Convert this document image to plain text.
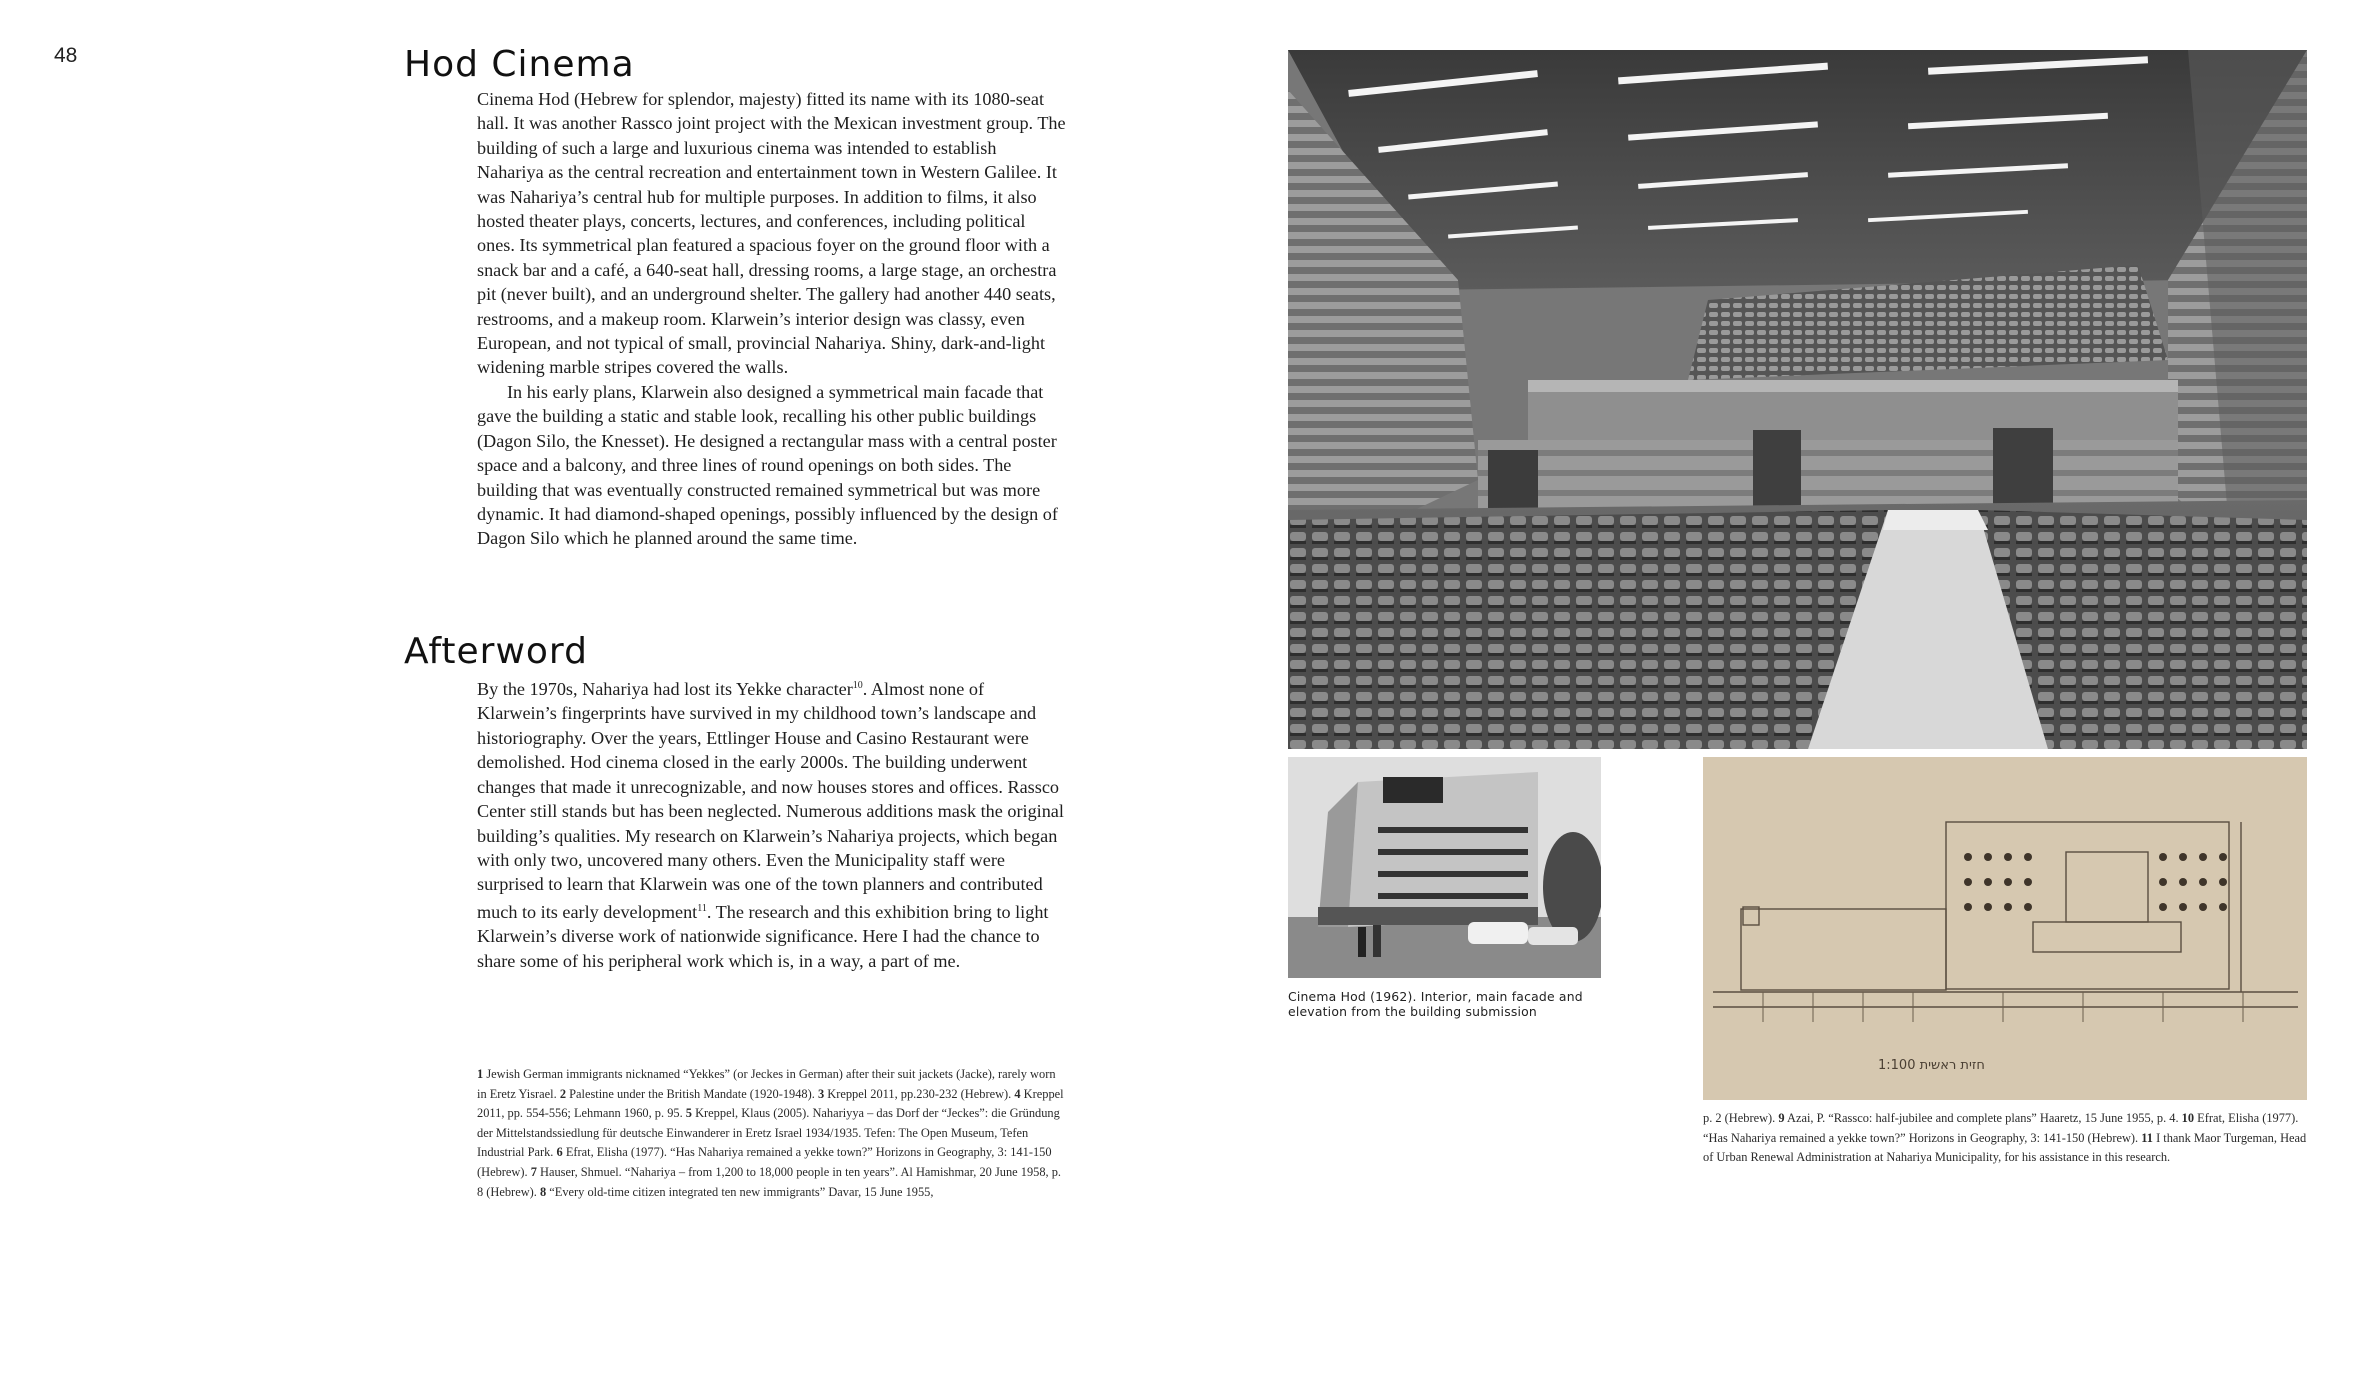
48	Hod Cinema

Cinema Hod (Hebrew for splendor, majesty) fitted its name with its 1080-seat hall. It was another Rassco joint project with the Mexican investment group. The building of such a large and luxurious cinema was intended to establish Nahariya as the central recreation and entertainment town in Western Galilee. It was Nahariya’s central hub for multiple purposes. In addition to films, it also hosted theater plays, concerts, lectures, and conferences, including political ones. Its symmetrical plan featured a spacious foyer on the ground floor with a snack bar and a café, a 640-seat hall, dressing rooms, a large stage, an orchestra pit (never built), and an underground shelter. The gallery had another 440 seats, restrooms, and a makeup room. Klarwein’s interior design was classy, even European, and not typical of small, provincial Nahariya. Shiny, dark-and-light widening marble stripes covered the walls.

In his early plans, Klarwein also designed a symmetrical main facade that gave the building a static and stable look, recalling his other public buildings (Dagon Silo, the Knesset). He designed a rectangular mass with a central poster space and a balcony, and three lines of round openings on both sides. The building that was eventually constructed remained symmetrical but was more dynamic. It had diamond-shaped openings, possibly influenced by the design of Dagon Silo which he planned around the same time.

Afterword

By the 1970s, Nahariya had lost its Yekke character$^{10}$. Almost none of Klarwein’s fingerprints have survived in my childhood town’s landscape and historiography. Over the years, Ettlinger House and Casino Restaurant were demolished. Hod cinema closed in the early 2000s. The building underwent changes that made it unrecognizable, and now houses stores and offices. Rassco Center still stands but has been neglected. Numerous additions mask the original building’s qualities. My research on Klarwein’s Nahariya projects, which began with only two, uncovered many others. Even the Municipality staff were surprised to learn that Klarwein was one of the town planners and contributed much to its early development$^{11}$. The research and this exhibition bring to light Klarwein’s diverse work of nationwide significance. Here I had the chance to share some of his peripheral work which is, in a way, a part of me.

1 Jewish German immigrants nicknamed “Yekkes” (or Jeckes in German) after their suit jackets (Jacke), rarely worn in Eretz Yisrael. 2 Palestine under the British Mandate (1920-1948). 3 Kreppel 2011, pp.230-232 (Hebrew). 4 Kreppel 2011, pp. 554-556; Lehmann 1960, p. 95. 5 Kreppel, Klaus (2005). Nahariyya – das Dorf der “Jeckes”: die Gründung der Mittelstandssiedlung für deutsche Einwanderer in Eretz Israel 1934/1935. Tefen: The Open Museum, Tefen Industrial Park. 6 Efrat, Elisha (1977). “Has Nahariya remained a yekke town?” Horizons in Geography, 3: 141-150 (Hebrew). 7 Hauser, Shmuel. “Nahariya – from 1,200 to 18,000 people in ten years”. Al Hamishmar, 20 June 1958, p. 8 (Hebrew). 8 “Every old-time citizen integrated ten new immigrants” Davar, 15 June 1955,
Cinema Hod (1962). Interior, main facade and elevation from the building submission
1:100 חזית ראשית
p. 2 (Hebrew). 9 Azai, P. “Rassco: half-jubilee and complete plans” Haaretz, 15 June 1955, p. 4. 10 Efrat, Elisha (1977). “Has Nahariya remained a yekke town?” Horizons in Geography, 3: 141-150 (Hebrew). 11 I thank Maor Turgeman, Head of Urban Renewal Administration at Nahariya Municipality, for his assistance in this research.
